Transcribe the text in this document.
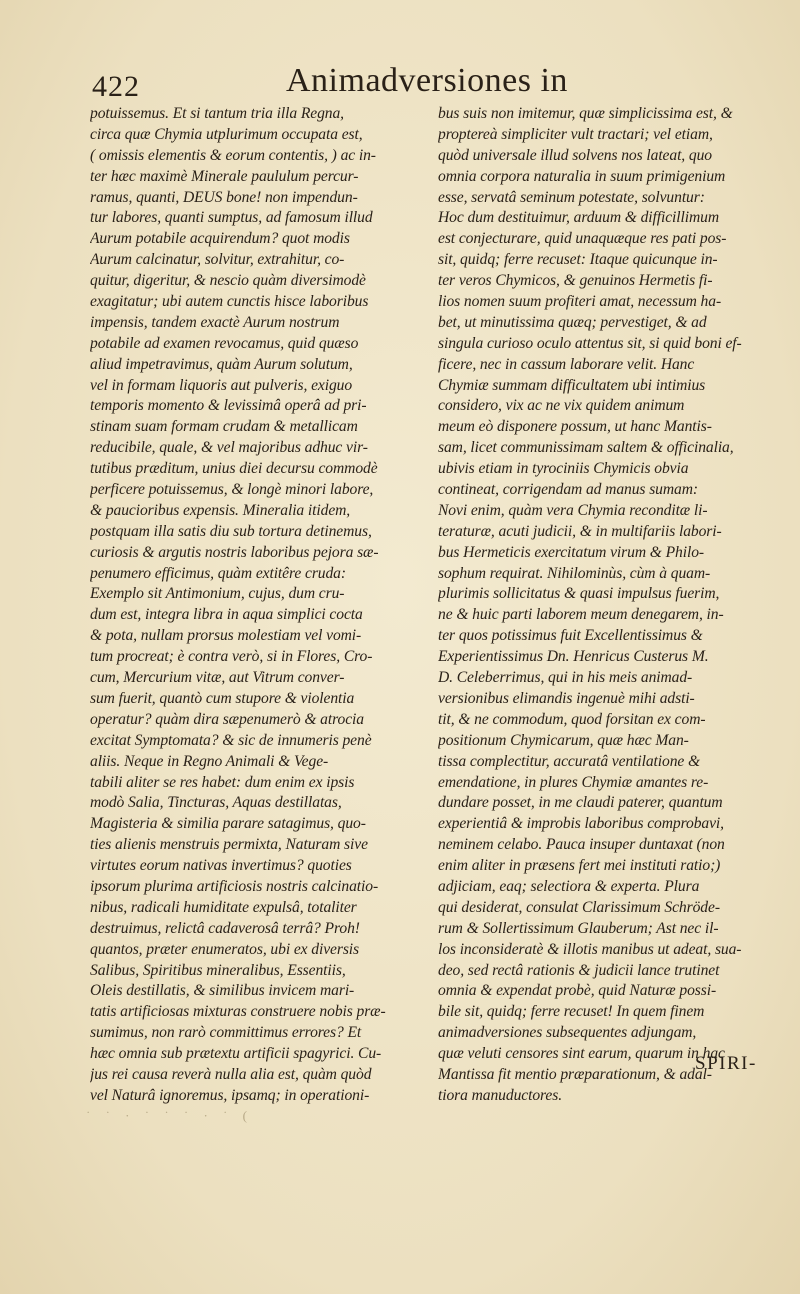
422	Animadversiones in
potuissemus. Et si tantum tria illa Regna,
circa quæ Chymia utplurimum occupata est,
( omissis elementis & eorum contentis, ) ac in-
ter hæc maximè Minerale paululum percur-
ramus, quanti, DEUS bone! non impendun-
tur labores, quanti sumptus, ad famosum illud
Aurum potabile acquirendum? quot modis
Aurum calcinatur, solvitur, extrahitur, co-
quitur, digeritur, & nescio quàm diversimodè
exagitatur; ubi autem cunctis hisce laboribus
impensis, tandem exactè Aurum nostrum
potabile ad examen revocamus, quid quæso
aliud impetravimus, quàm Aurum solutum,
vel in formam liquoris aut pulveris, exiguo
temporis momento & levissimâ operâ ad pri-
stinam suam formam crudam & metallicam
reducibile, quale, & vel majoribus adhuc vir-
tutibus præditum, unius diei decursu commodè
perficere potuissemus, & longè minori labore,
& paucioribus expensis. Mineralia itidem,
postquam illa satis diu sub tortura detinemus,
curiosis & argutis nostris laboribus pejora sæ-
penumero efficimus, quàm extitêre cruda:
Exemplo sit Antimonium, cujus, dum cru-
dum est, integra libra in aqua simplici cocta
& pota, nullam prorsus molestiam vel vomi-
tum procreat; è contra verò, si in Flores, Cro-
cum, Mercurium vitæ, aut Vitrum conver-
sum fuerit, quantò cum stupore & violentia
operatur? quàm dira sæpenumerò & atrocia
excitat Symptomata? & sic de innumeris penè
aliis. Neque in Regno Animali & Vege-
tabili aliter se res habet: dum enim ex ipsis
modò Salia, Tincturas, Aquas destillatas,
Magisteria & similia parare satagimus, quo-
ties alienis menstruis permixta, Naturam sive
virtutes eorum nativas invertimus? quoties
ipsorum plurima artificiosis nostris calcinatio-
nibus, radicali humiditate expulsâ, totaliter
destruimus, relictâ cadaverosâ terrâ? Proh!
quantos, præter enumeratos, ubi ex diversis
Salibus, Spiritibus mineralibus, Essentiis,
Oleis destillatis, & similibus invicem mari-
tatis artificiosas mixturas construere nobis præ-
sumimus, non rarò committimus errores? Et
hæc omnia sub prætextu artificii spagyrici. Cu-
jus rei causa reverà nulla alia est, quàm quòd
vel Naturâ ignoremus, ipsamq; in operationi-
bus suis non imitemur, quæ simplicissima est, &
proptereà simpliciter vult tractari; vel etiam,
quòd universale illud solvens nos lateat, quo
omnia corpora naturalia in suum primigenium
esse, servatâ seminum potestate, solvuntur:
Hoc dum destituimur, arduum & difficillimum
est conjecturare, quid unaquæque res pati pos-
sit, quidq; ferre recuset: Itaque quicunque in-
ter veros Chymicos, & genuinos Hermetis fi-
lios nomen suum profiteri amat, necessum ha-
bet, ut minutissima quæq; pervestiget, & ad
singula curioso oculo attentus sit, si quid boni ef-
ficere, nec in cassum laborare velit. Hanc
Chymiæ summam difficultatem ubi intimius
considero, vix ac ne vix quidem animum
meum eò disponere possum, ut hanc Mantis-
sam, licet communissimam saltem & officinalia,
ubivis etiam in tyrociniis Chymicis obvia
contineat, corrigendam ad manus sumam:
Novi enim, quàm vera Chymia reconditæ li-
teraturæ, acuti judicii, & in multifariis labori-
bus Hermeticis exercitatum virum & Philo-
sophum requirat. Nihilominùs, cùm à quam-
plurimis sollicitatus & quasi impulsus fuerim,
ne & huic parti laborem meum denegarem, in-
ter quos potissimus fuit Excellentissimus &
Experientissimus Dn. Henricus Custerus M.
D. Celeberrimus, qui in his meis animad-
versionibus elimandis ingenuè mihi adsti-
tit, & ne commodum, quod forsitan ex com-
positionum Chymicarum, quæ hæc Man-
tissa complectitur, accuratâ ventilatione &
emendatione, in plures Chymiæ amantes re-
dundare posset, in me claudi paterer, quantum
experientiâ & improbis laboribus comprobavi,
neminem celabo. Pauca insuper duntaxat (non
enim aliter in præsens fert mei instituti ratio;)
adjiciam, eaq; selectiora & experta. Plura
qui desiderat, consulat Clarissimum Schröde-
rum & Sollertissimum Glauberum; Ast nec il-
los inconsideratè & illotis manibus ut adeat, sua-
deo, sed rectâ rationis & judicii lance trutinet
omnia & expendat probè, quid Naturæ possi-
bile sit, quidq; ferre recuset! In quem finem
animadversiones subsequentes adjungam,
quæ veluti censores sint earum, quarum in hac
Mantissa fit mentio præparationum, & adal-
tiora manuductores.
SPIRI-
˙ ˙ · ˙ ˙ ˙ · ˙ (
